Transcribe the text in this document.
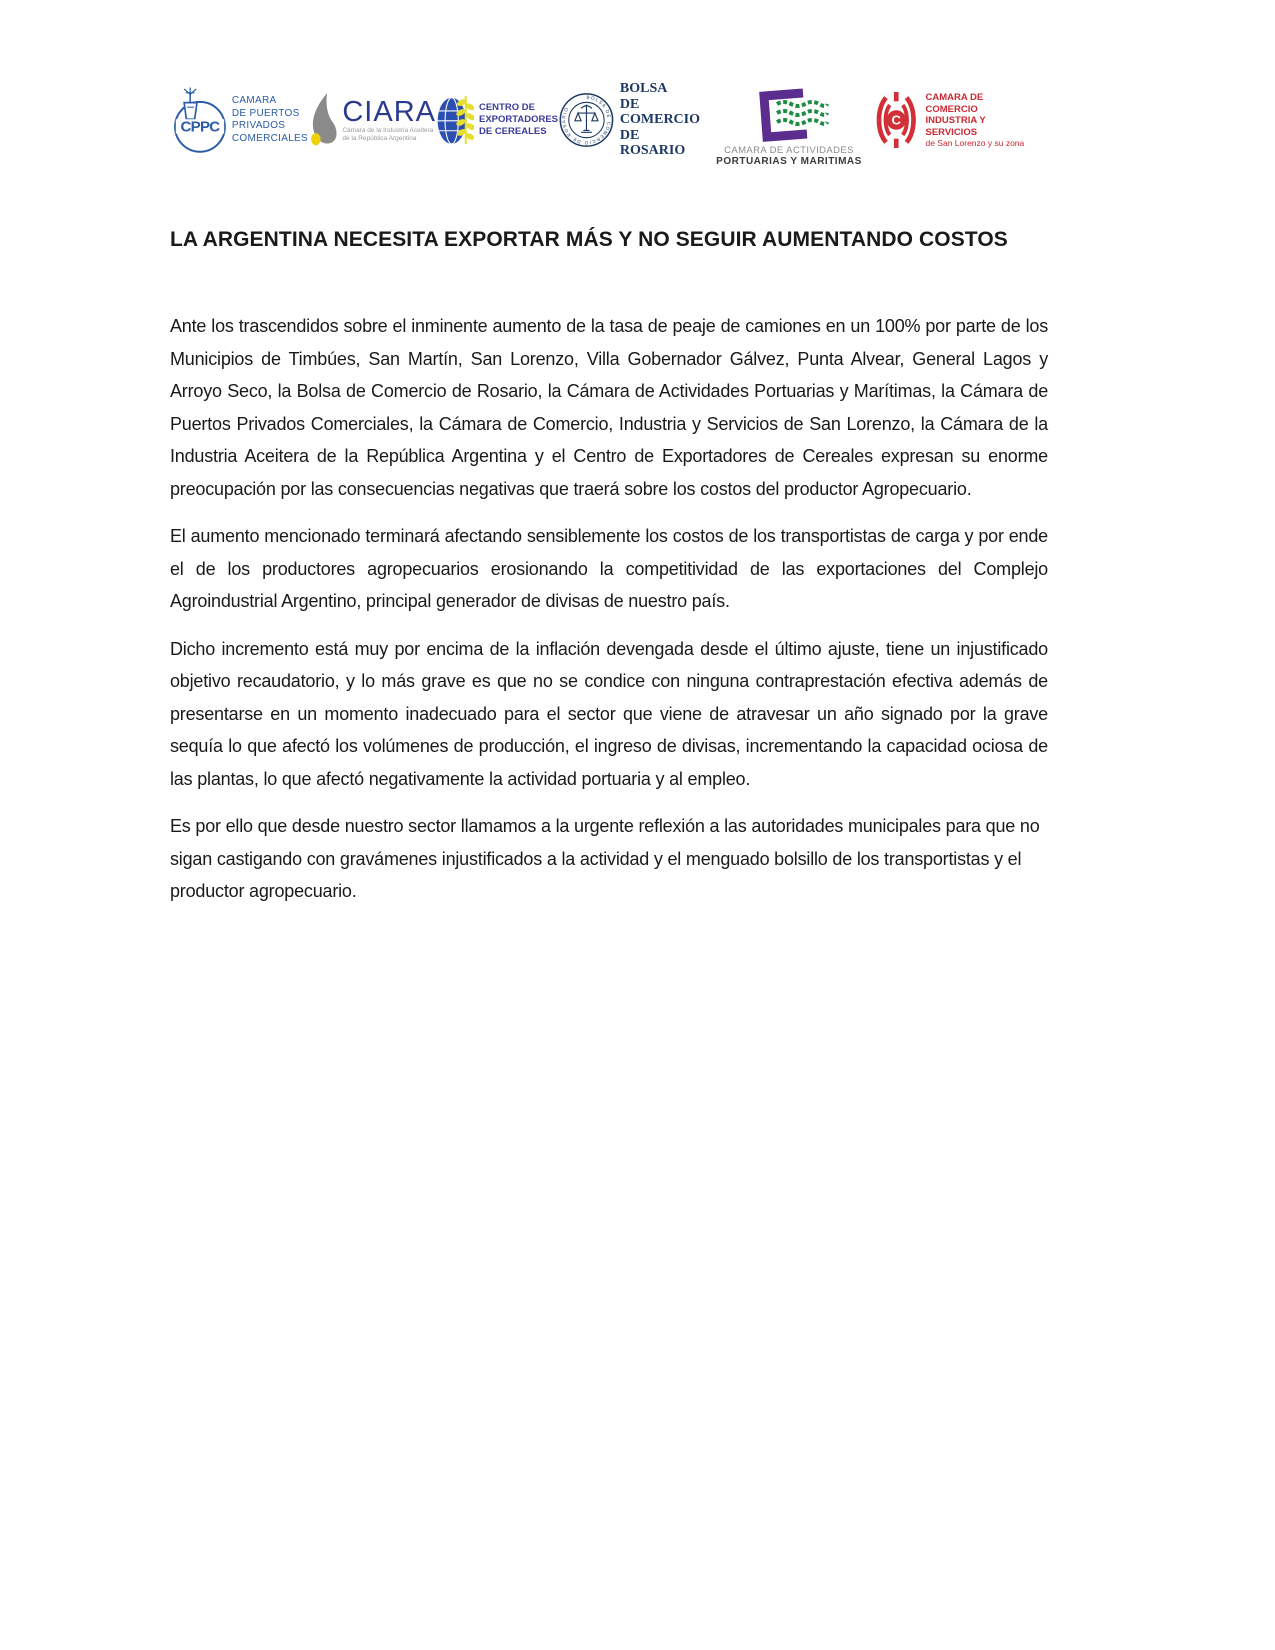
CPPC
CAMARA
DE PUERTOS
PRIVADOS
COMERCIALES
CIARA
Cámara de la Industria Aceitera
de la República Argentina
CENTRO DE
EXPORTADORES
DE CEREALES
BOLSA DE COMERCIO DE ROSARIO
BOLSA
DE COMERCIO
DE ROSARIO	CAMARA DE ACTIVIDADES
PORTUARIAS Y MARITIMAS
C
CAMARA DE COMERCIO
INDUSTRIA Y SERVICIOS
de San Lorenzo y su zona
LA ARGENTINA NECESITA EXPORTAR MÁS Y NO SEGUIR AUMENTANDO COSTOS

Ante los trascendidos sobre el inminente aumento de la tasa de peaje de camiones en un 100% por parte de los Municipios de Timbúes, San Martín, San Lorenzo, Villa Gobernador Gálvez, Punta Alvear, General Lagos y Arroyo Seco, la Bolsa de Comercio de Rosario, la Cámara de Actividades Portuarias y Marítimas, la Cámara de Puertos Privados Comerciales, la Cámara de Comercio, Industria y Servicios de San Lorenzo, la Cámara de la Industria Aceitera de la República Argentina y el Centro de Exportadores de Cereales expresan su enorme preocupación por las consecuencias negativas que traerá sobre los costos del productor Agropecuario.

El aumento mencionado terminará afectando sensiblemente los costos de los transportistas de carga y por ende el de los productores agropecuarios erosionando la competitividad de las exportaciones del Complejo Agroindustrial Argentino, principal generador de divisas de nuestro país.

Dicho incremento está muy por encima de la inflación devengada desde el último ajuste, tiene un injustificado objetivo recaudatorio, y lo más grave es que no se condice con ninguna contraprestación efectiva además de presentarse en un momento inadecuado para el sector que viene de atravesar un año signado por la grave sequía lo que afectó los volúmenes de producción, el ingreso de divisas, incrementando la capacidad ociosa de las plantas, lo que afectó negativamente la actividad portuaria y al empleo.

Es por ello que desde nuestro sector llamamos a la urgente reflexión a las autoridades municipales para que no sigan castigando con gravámenes injustificados a la actividad y el menguado bolsillo de los transportistas y el productor agropecuario.
